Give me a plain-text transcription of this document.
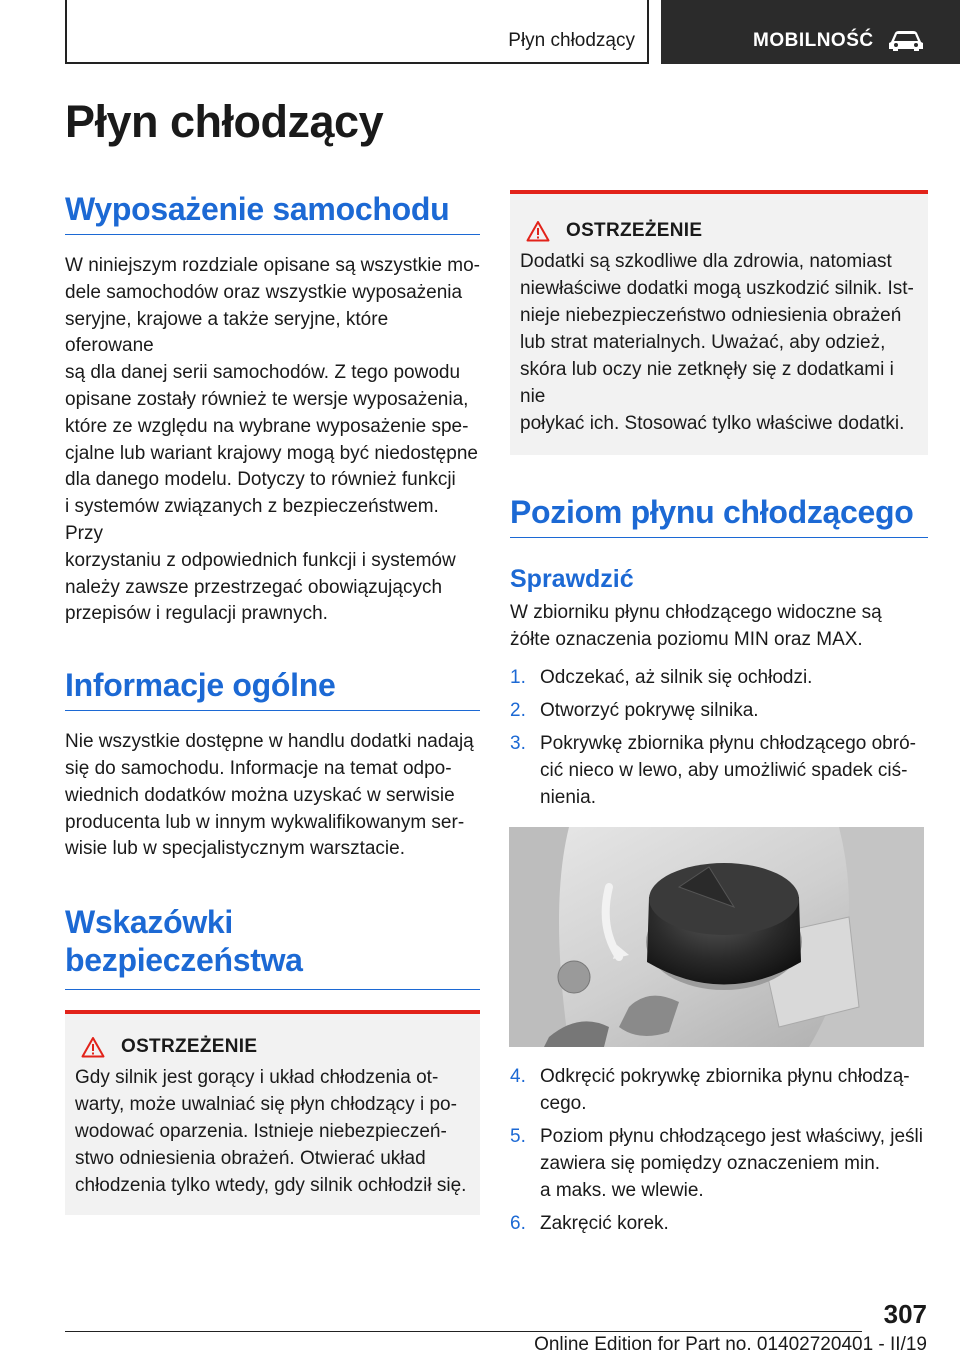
Płyn chłodzący	MOBILNOŚĆ
Płyn chłodzący
Wyposażenie samochodu

W niniejszym rozdziale opisane są wszystkie mo-
dele samochodów oraz wszystkie wyposażenia
seryjne, krajowe a także seryjne, które oferowane
są dla danej serii samochodów. Z tego powodu
opisane zostały również te wersje wyposażenia,
które ze względu na wybrane wyposażenie spe-
cjalne lub wariant krajowy mogą być niedostępne
dla danego modelu. Dotyczy to również funkcji
i systemów związanych z bezpieczeństwem. Przy
korzystaniu z odpowiednich funkcji i systemów
należy zawsze przestrzegać obowiązujących
przepisów i regulacji prawnych.

Informacje ogólne

Nie wszystkie dostępne w handlu dodatki nadają
się do samochodu. Informacje na temat odpo-
wiednich dodatków można uzyskać w serwisie
producenta lub w innym wykwalifikowanym ser-
wisie lub w specjalistycznym warsztacie.

Wskazówki
bezpieczeństwa
OSTRZEŻENIE

Gdy silnik jest gorący i układ chłodzenia ot-
warty, może uwalniać się płyn chłodzący i po-
wodować oparzenia. Istnieje niebezpieczeń-
stwo odniesienia obrażeń. Otwierać układ
chłodzenia tylko wtedy, gdy silnik ochłodził się.

OSTRZEŻENIE

Dodatki są szkodliwe dla zdrowia, natomiast
niewłaściwe dodatki mogą uszkodzić silnik. Ist-
nieje niebezpieczeństwo odniesienia obrażeń
lub strat materialnych. Uważać, aby odzież,
skóra lub oczy nie zetknęły się z dodatkami i nie
połykać ich. Stosować tylko właściwe dodatki.

Poziom płynu chłodzącego
Sprawdzić

W zbiorniku płynu chłodzącego widoczne są
żółte oznaczenia poziomu MIN oraz MAX.

1. Odczekać, aż silnik się ochłodzi.
2. Otworzyć pokrywę silnika.
3. Pokrywkę zbiornika płynu chłodzącego obró-
cić nieco w lewo, aby umożliwić spadek ciś-
nienia.
4. Odkręcić pokrywkę zbiornika płynu chłodzą-
cego.
5. Poziom płynu chłodzącego jest właściwy, jeśli
zawiera się pomiędzy oznaczeniem min.
a maks. we wlewie.
6. Zakręcić korek.
307
Online Edition for Part no. 01402720401 - II/19
